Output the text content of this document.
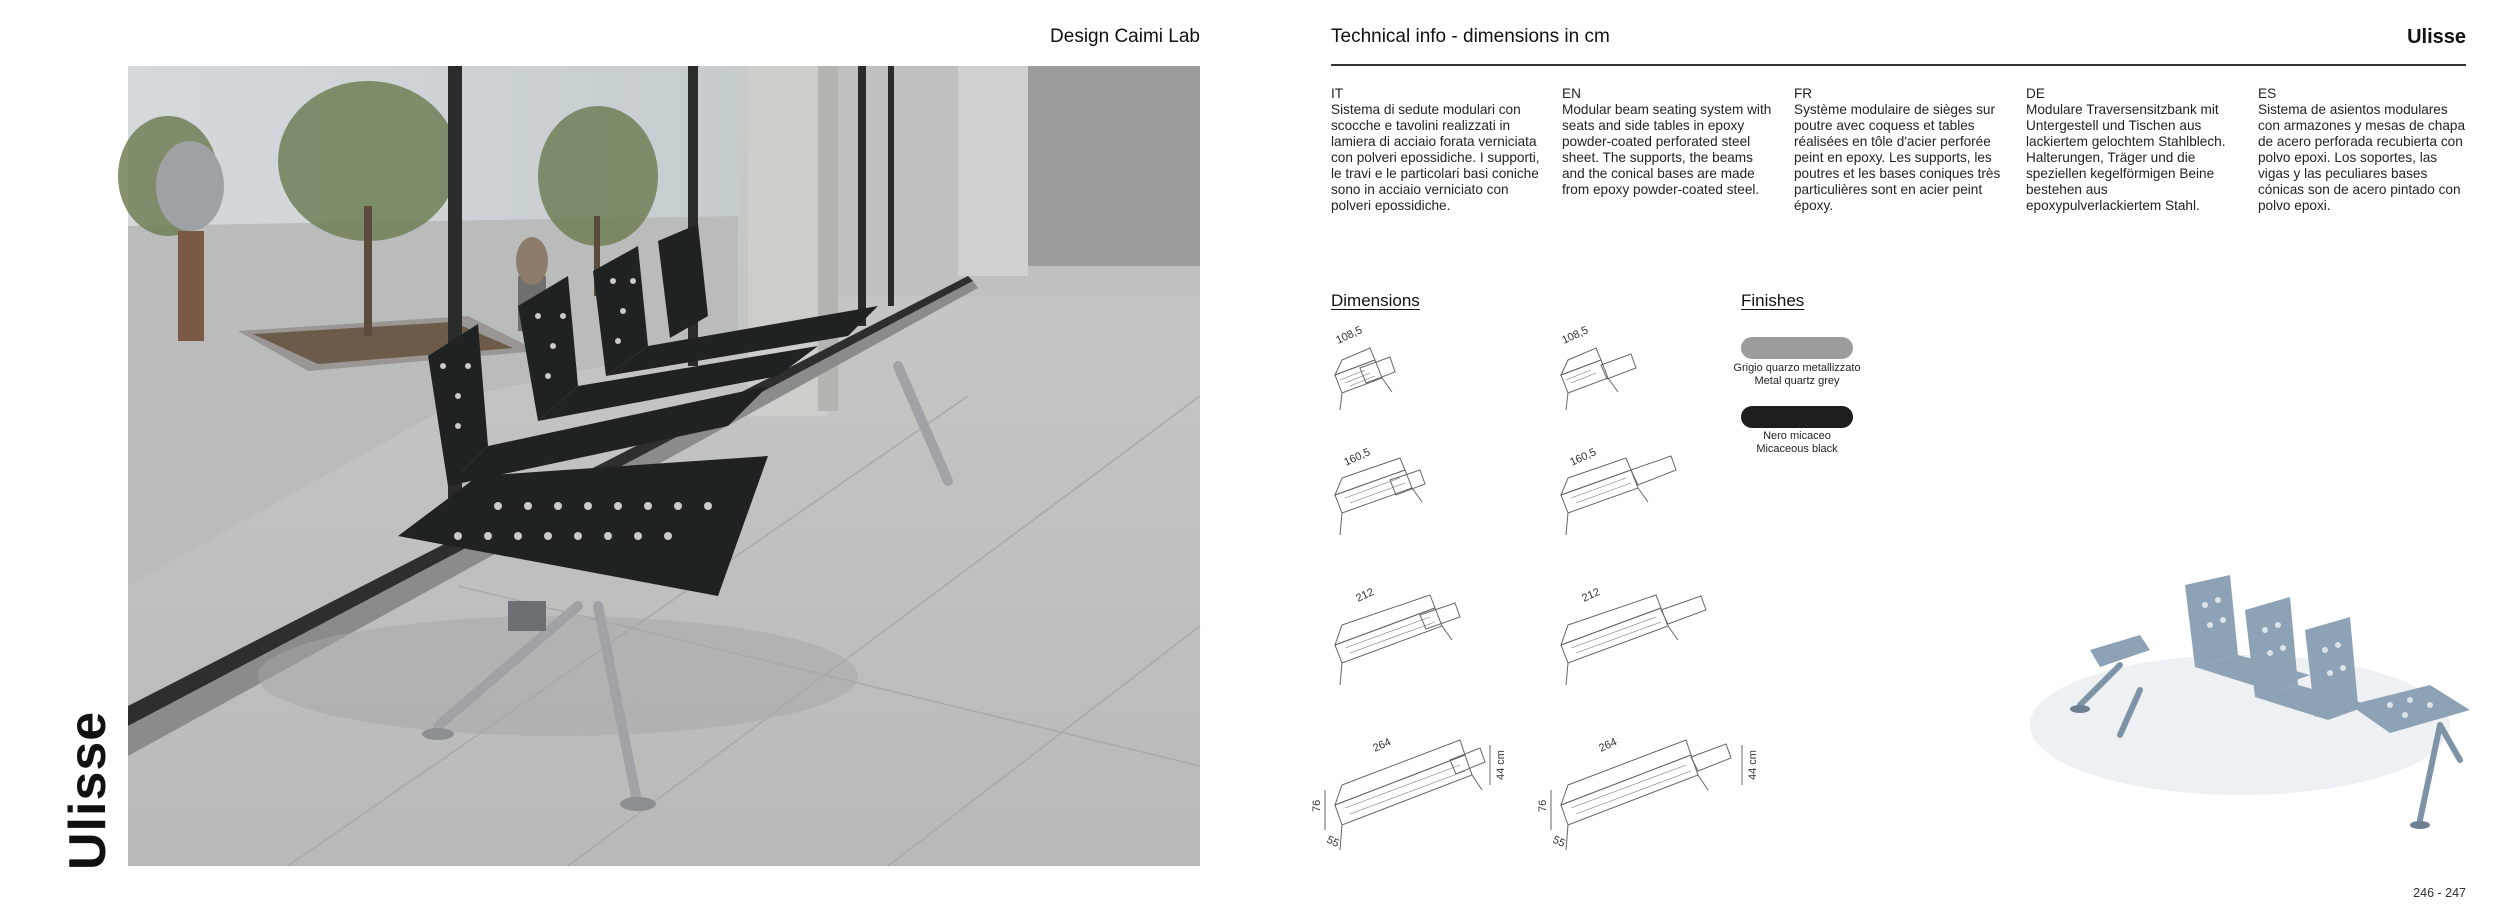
Ulisse
Design Caimi Lab	Technical info - dimensions in cm	Ulisse
IT
Sistema di sedute modulari con scocche e tavolini realizzati in lamiera di acciaio forata verniciata con polveri epossidiche. I supporti, le travi e le particolari basi coniche sono in acciaio verniciato con polveri epossidiche.
EN
Modular beam seating system with seats and side tables in epoxy powder-coated perforated steel sheet. The supports, the beams and the conical bases are made from epoxy powder-coated steel.
FR
Système modulaire de sièges sur poutre avec coquess et tables réalisées en tôle d'acier perforée peint en epoxy. Les supports, les poutres et les bases coniques très particulières sont en acier peint époxy.
DE
Modulare Traversensitzbank mit Untergestell und Tischen aus lackiertem gelochtem Stahlblech. Halterungen, Träger und die speziellen kegelförmigen Beine bestehen aus epoxypulverlackiertem Stahl.
ES
Sistema de asientos modulares con armazones y mesas de chapa de acero perforada recubierta con polvo epoxi. Los soportes, las vigas y las peculiares bases cónicas son de acero pintado con polvo epoxi.
Dimensions
108,5
160,5
212
264
44 cm
76
55
108,5
160,5
212
264
44 cm
76
55
Finishes
Grigio quarzo metallizzato
Metal quartz grey
Nero micaceo
Micaceous black
246 - 247
